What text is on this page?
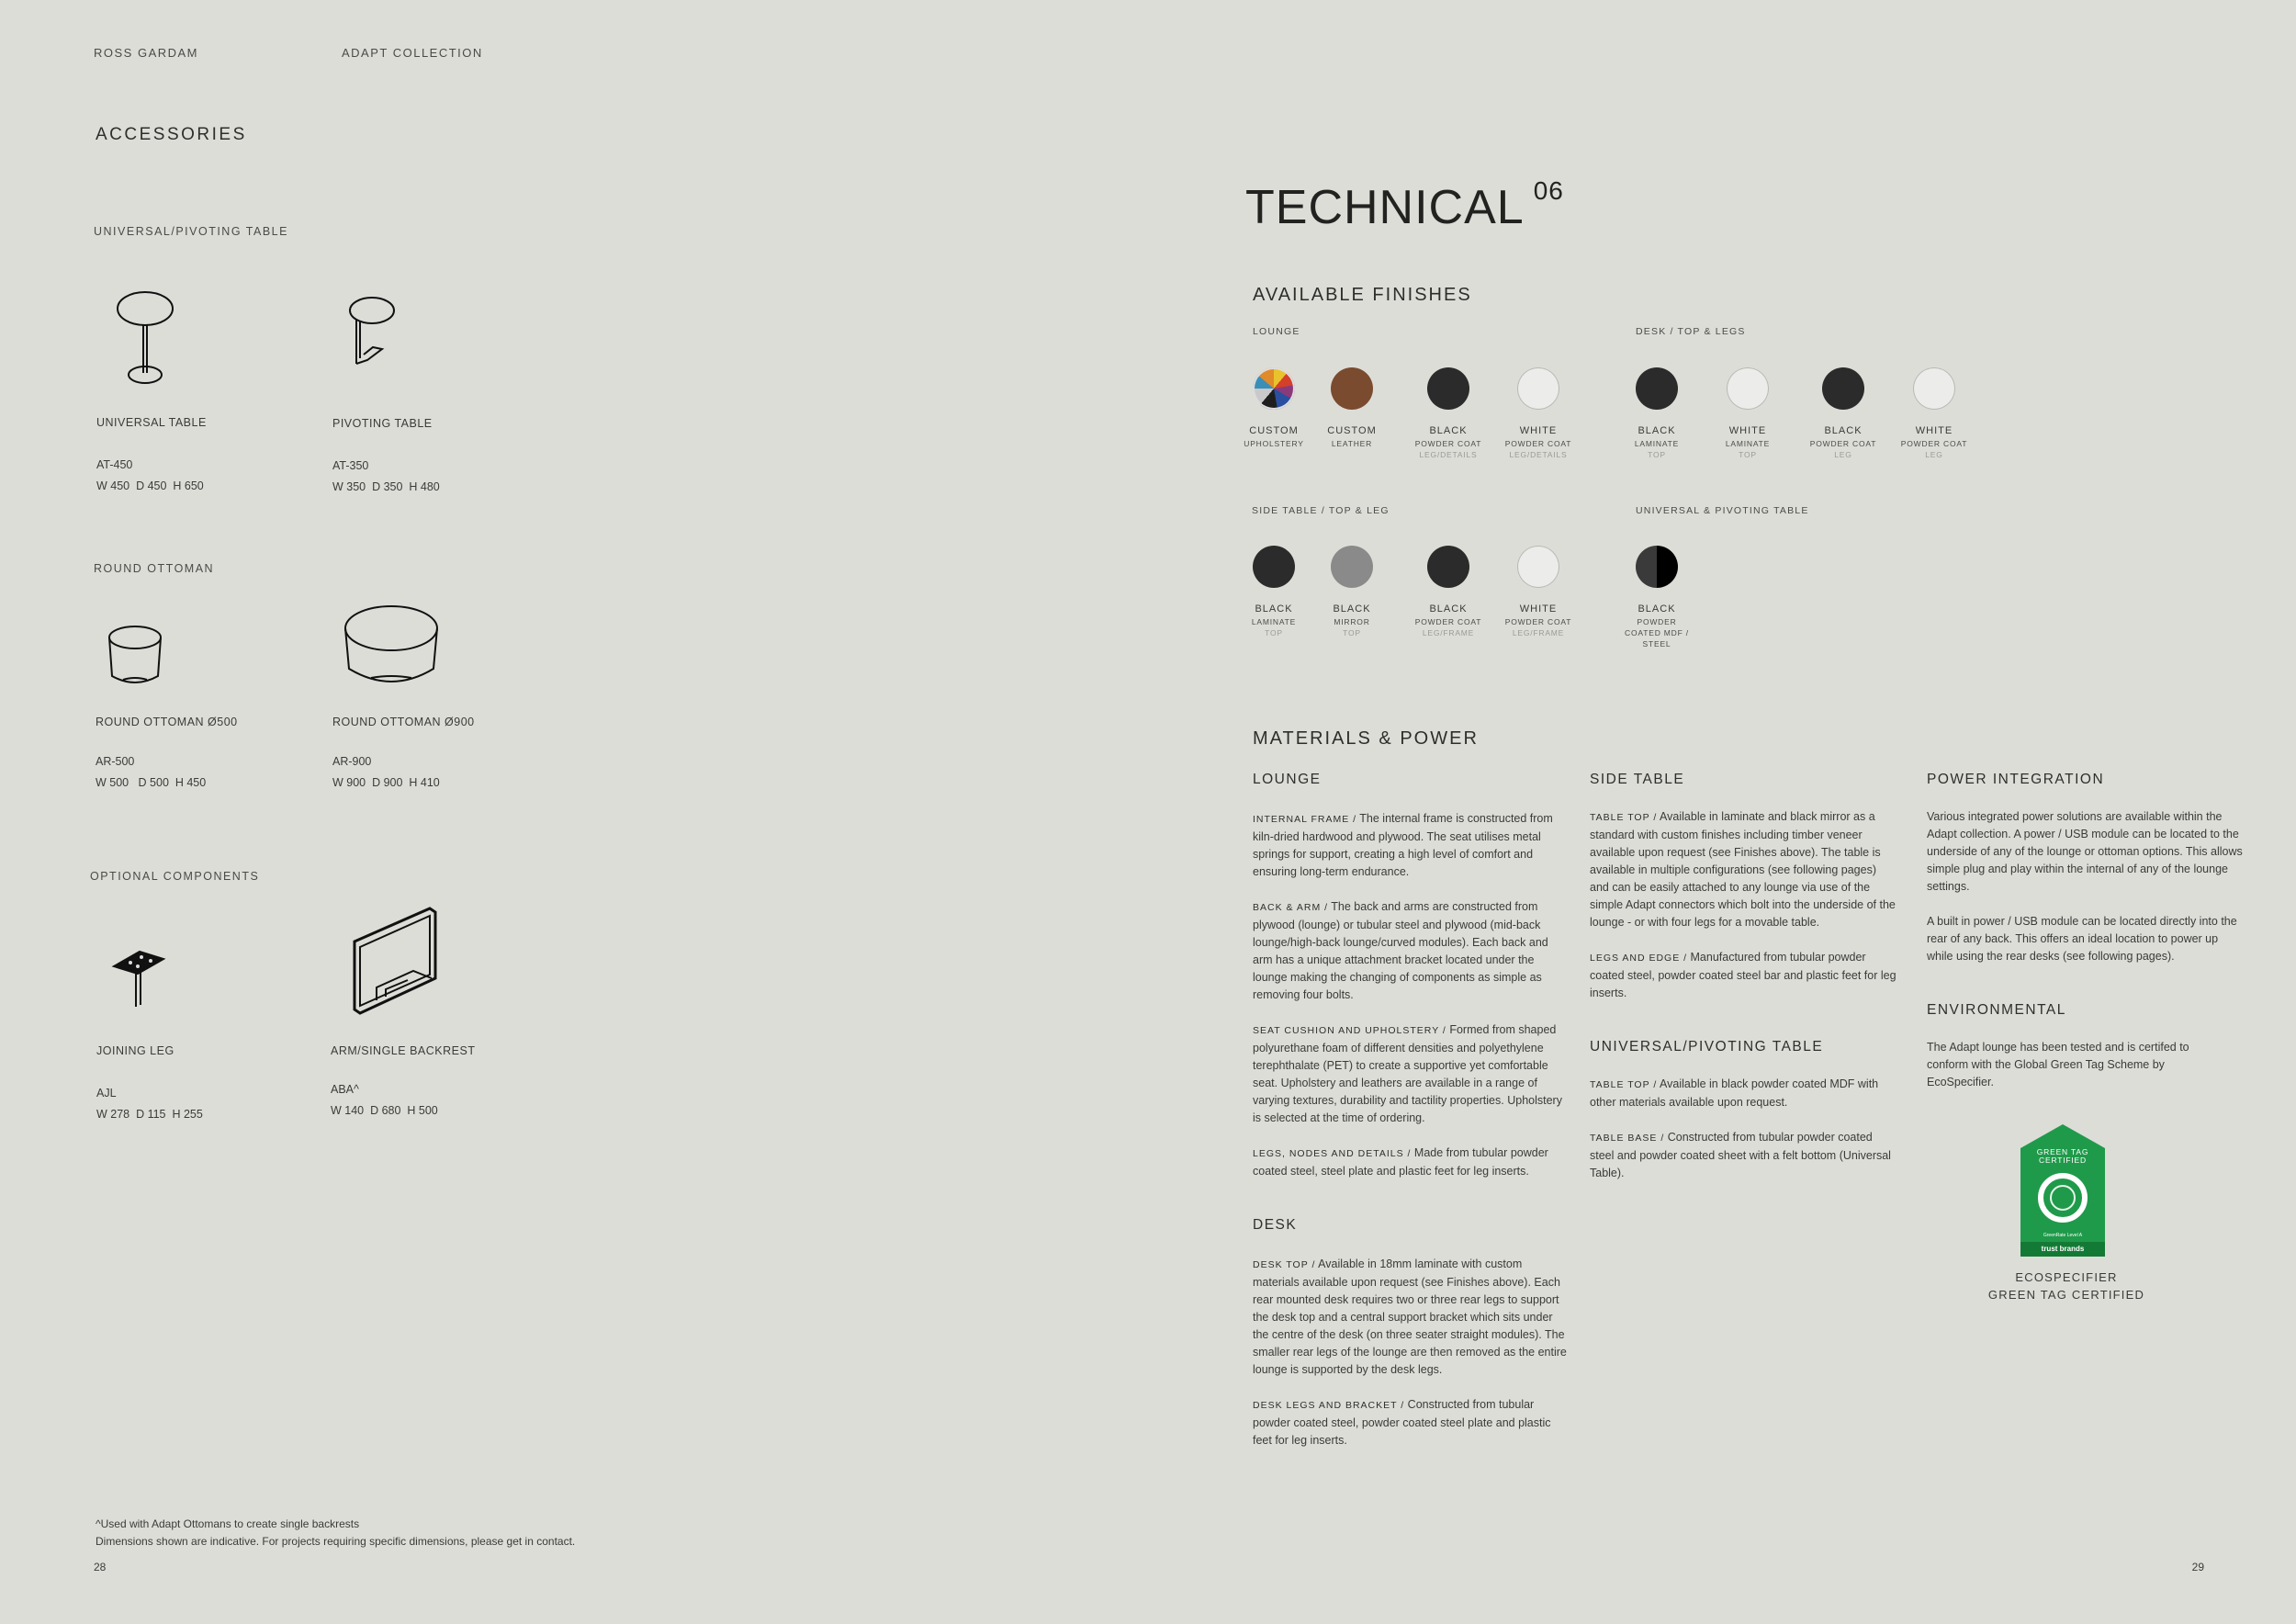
ROSS GARDAM	ADAPT COLLECTION
ACCESSORIES
UNIVERSAL/PIVOTING TABLE
UNIVERSAL TABLE
AT-450
W 450  D 450  H 650
PIVOTING TABLE
AT-350
W 350  D 350  H 480
ROUND OTTOMAN
ROUND OTTOMAN Ø500
AR-500
W 500   D 500  H 450
ROUND OTTOMAN Ø900
AR-900
W 900  D 900  H 410
OPTIONAL COMPONENTS
JOINING LEG
AJL
W 278  D 115  H 255
ARM/SINGLE BACKREST
ABA^
W 140  D 680  H 500
^Used with Adapt Ottomans to create single backrests
Dimensions shown are indicative. For projects requiring specific dimensions, please get in contact.
28
TECHNICAL $^{06}$
AVAILABLE FINISHES
LOUNGE	DESK / TOP & LEGS
SIDE TABLE / TOP & LEG	UNIVERSAL & PIVOTING TABLE
CUSTOM
UPHOLSTERY
CUSTOM
LEATHER
BLACK
POWDER COAT
LEG/DETAILS
WHITE
POWDER COAT
LEG/DETAILS
BLACK
LAMINATE
TOP
WHITE
LAMINATE
TOP
BLACK
POWDER COAT
LEG
WHITE
POWDER COAT
LEG
BLACK
LAMINATE
TOP
BLACK
MIRROR
TOP
BLACK
POWDER COAT
LEG/FRAME
WHITE
POWDER COAT
LEG/FRAME
BLACK
POWDER
COATED MDF /
STEEL
MATERIALS & POWER
LOUNGE
INTERNAL FRAME / The internal frame is constructed from kiln-dried hardwood and plywood. The seat utilises metal springs for support, creating a high level of comfort and ensuring long-term endurance.
BACK & ARM / The back and arms are constructed from plywood (lounge) or tubular steel and plywood (mid-back lounge/high-back lounge/curved modules). Each back and arm has a unique attachment bracket located under the lounge making the changing of components as simple as removing four bolts.
SEAT CUSHION AND UPHOLSTERY / Formed from shaped polyurethane foam of different densities and polyethylene terephthalate (PET) to create a supportive yet comfortable seat. Upholstery and leathers are available in a range of varying textures, durability and tactility properties. Upholstery is selected at the time of ordering.
LEGS, NODES AND DETAILS / Made from tubular powder coated steel, steel plate and plastic feet for leg inserts.
DESK
DESK TOP / Available in 18mm laminate with custom materials available upon request (see Finishes above). Each rear mounted desk requires two or three rear legs to support the desk top and a central support bracket which sits under the centre of the desk (on three seater straight modules). The smaller rear legs of the lounge are then removed as the entire lounge is supported by the desk legs.
DESK LEGS AND BRACKET / Constructed from tubular powder coated steel, powder coated steel plate and plastic feet for leg inserts.
SIDE TABLE
TABLE TOP / Available in laminate and black mirror as a standard with custom finishes including timber veneer available upon request (see Finishes above). The table is available in multiple configurations (see following pages) and can be easily attached to any lounge via use of the simple Adapt connectors which bolt into the underside of the lounge - or with four legs for a movable table.
LEGS AND EDGE / Manufactured from tubular powder coated steel, powder coated steel bar and plastic feet for leg inserts.
UNIVERSAL/PIVOTING TABLE
TABLE TOP / Available in black powder coated MDF with other materials available upon request.
TABLE BASE / Constructed from tubular powder coated steel and powder coated sheet with a felt bottom (Universal Table).
POWER INTEGRATION
Various integrated power solutions are available within the Adapt collection. A power / USB module can be located to the underside of any of the lounge or ottoman options. This allows simple plug and play within the internal of any of the lounge settings.
A built in power / USB module can be located directly into the rear of any back. This offers an ideal location to power up while using the rear desks (see following pages).
ENVIRONMENTAL
The Adapt lounge has been tested and is certifed to conform with the Global Green Tag Scheme by EcoSpecifier.
GREEN TAG
CERTIFIED
GreenRate Level A
trust brands
ECOSPECIFIER
GREEN TAG CERTIFIED
29
